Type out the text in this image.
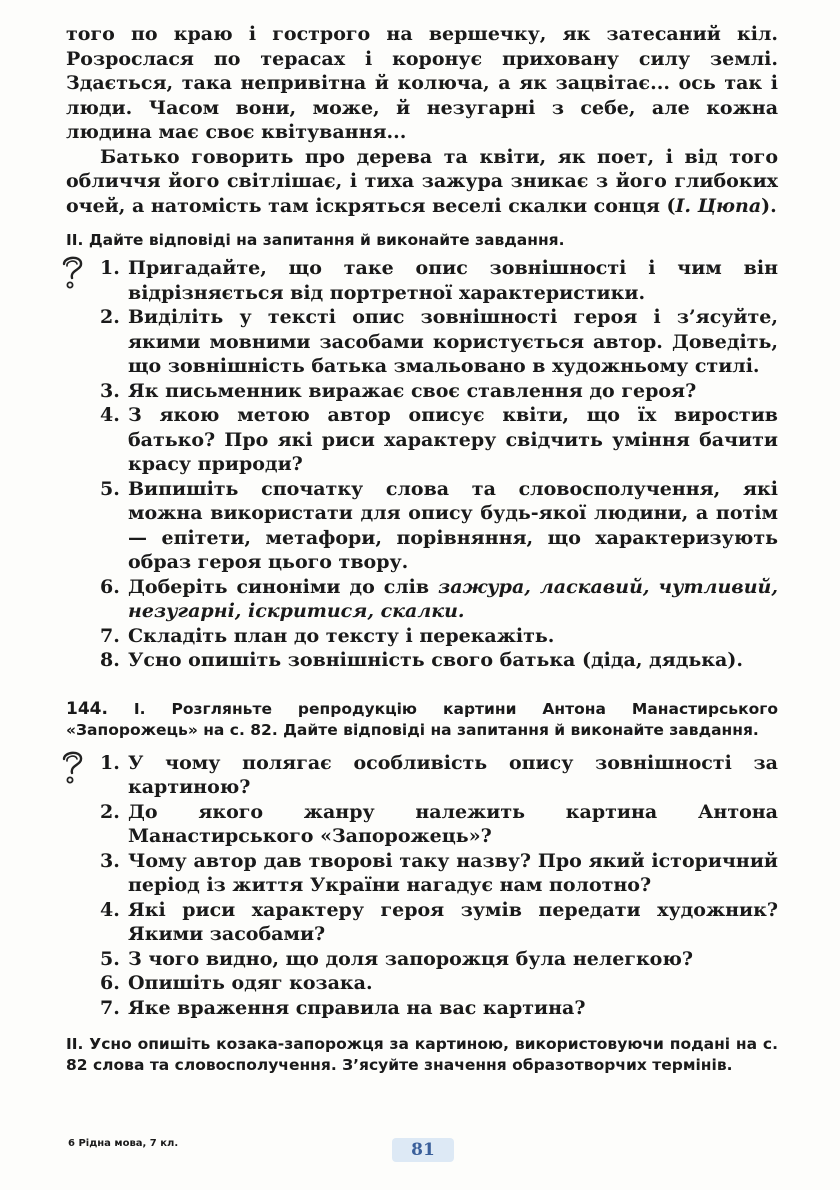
того по краю і гострого на вершечку, як затесаний кіл. Розрослася по терасах і коронує приховану силу землі. Здається, така непривітна й колюча, а як зацвітає... ось так і люди. Часом вони, може, й незугарні з себе, але кожна людина має своє квітування...

Батько говорить про дерева та квіти, як поет, і від того обличчя його світлішає, і тиха зажура зникає з його глибоких очей, а натомість там іскряться веселі скалки сонця (І. Цюпа).

ІІ. Дайте відповіді на запитання й виконайте завдання.
1. Пригадайте, що таке опис зовнішності і чим він відрізняється від портретної характеристики.
2. Виділіть у тексті опис зовнішності героя і з’ясуйте, якими мовними засобами користується автор. Доведіть, що зовнішність батька змальовано в художньому стилі.
3. Як письменник виражає своє ставлення до героя?
4. З якою метою автор описує квіти, що їх виростив батько? Про які риси характеру свідчить уміння бачити красу природи?
5. Випишіть спочатку слова та словосполучення, які можна використати для опису будь-якої людини, а потім — епітети, метафори, порівняння, що характеризують образ героя цього твору.
6. Доберіть синоніми до слів зажура, ласкавий, чутливий, незугарні, іскритися, скалки.
7. Складіть план до тексту і перекажіть.
8. Усно опишіть зовнішність свого батька (діда, дядька).
144. І. Розгляньте репродукцію картини Антона Манастирського «Запорожець» на с. 82. Дайте відповіді на запитання й виконайте завдання.
1. У чому полягає особливість опису зовнішності за картиною?
2. До якого жанру належить картина Антона Манастирського «Запорожець»?
3. Чому автор дав творові таку назву? Про який історичний період із життя України нагадує нам полотно?
4. Які риси характеру героя зумів передати художник? Якими засобами?
5. З чого видно, що доля запорожця була нелегкою?
6. Опишіть одяг козака.
7. Яке враження справила на вас картина?
ІІ. Усно опишіть козака-запорожця за картиною, використовуючи подані на с. 82 слова та словосполучення. З’ясуйте значення образотворчих термінів.
6 Рідна мова, 7 кл.	81
